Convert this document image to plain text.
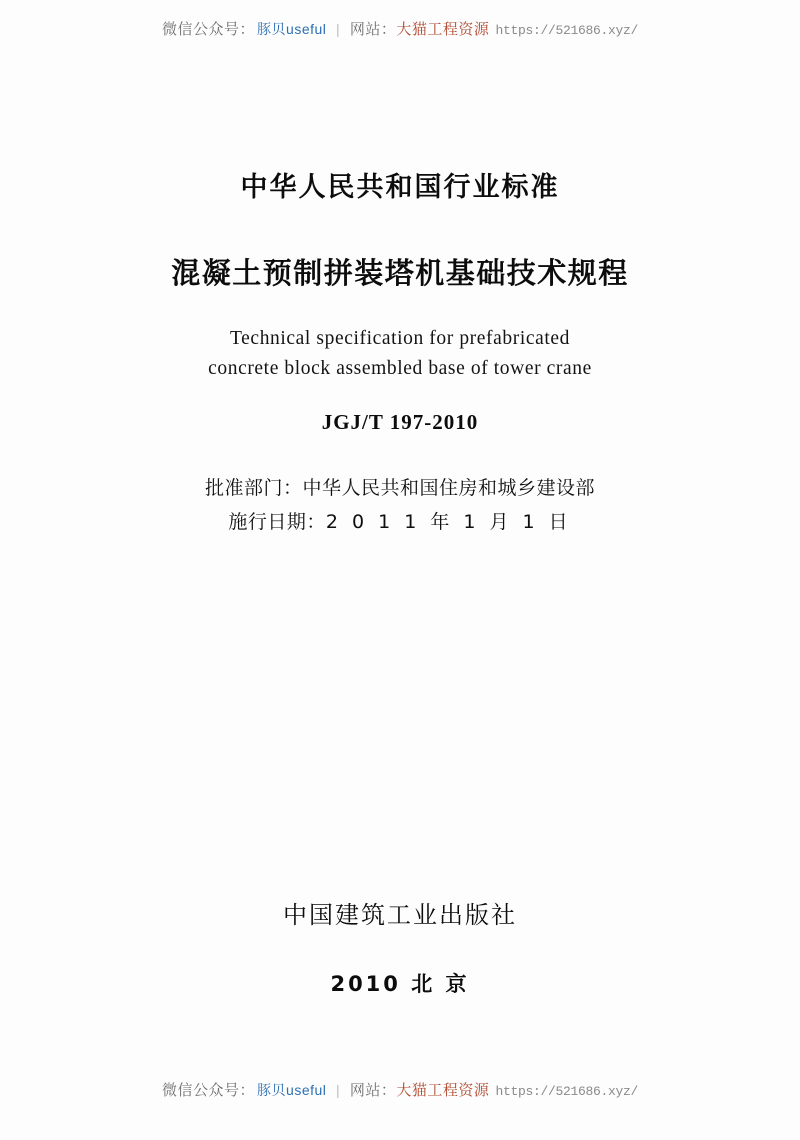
微信公众号： 豚贝useful | 网站： 大猫工程资源 https://521686.xyz/
中华人民共和国行业标准
混凝土预制拼装塔机基础技术规程
Technical specification for prefabricated
concrete block assembled base of tower crane
JGJ/T 197-2010
批准部门：中华人民共和国住房和城乡建设部
施行日期：2 0 1 1 年 1 月 1 日
中国建筑工业出版社
2010 北 京
微信公众号： 豚贝useful | 网站： 大猫工程资源 https://521686.xyz/
